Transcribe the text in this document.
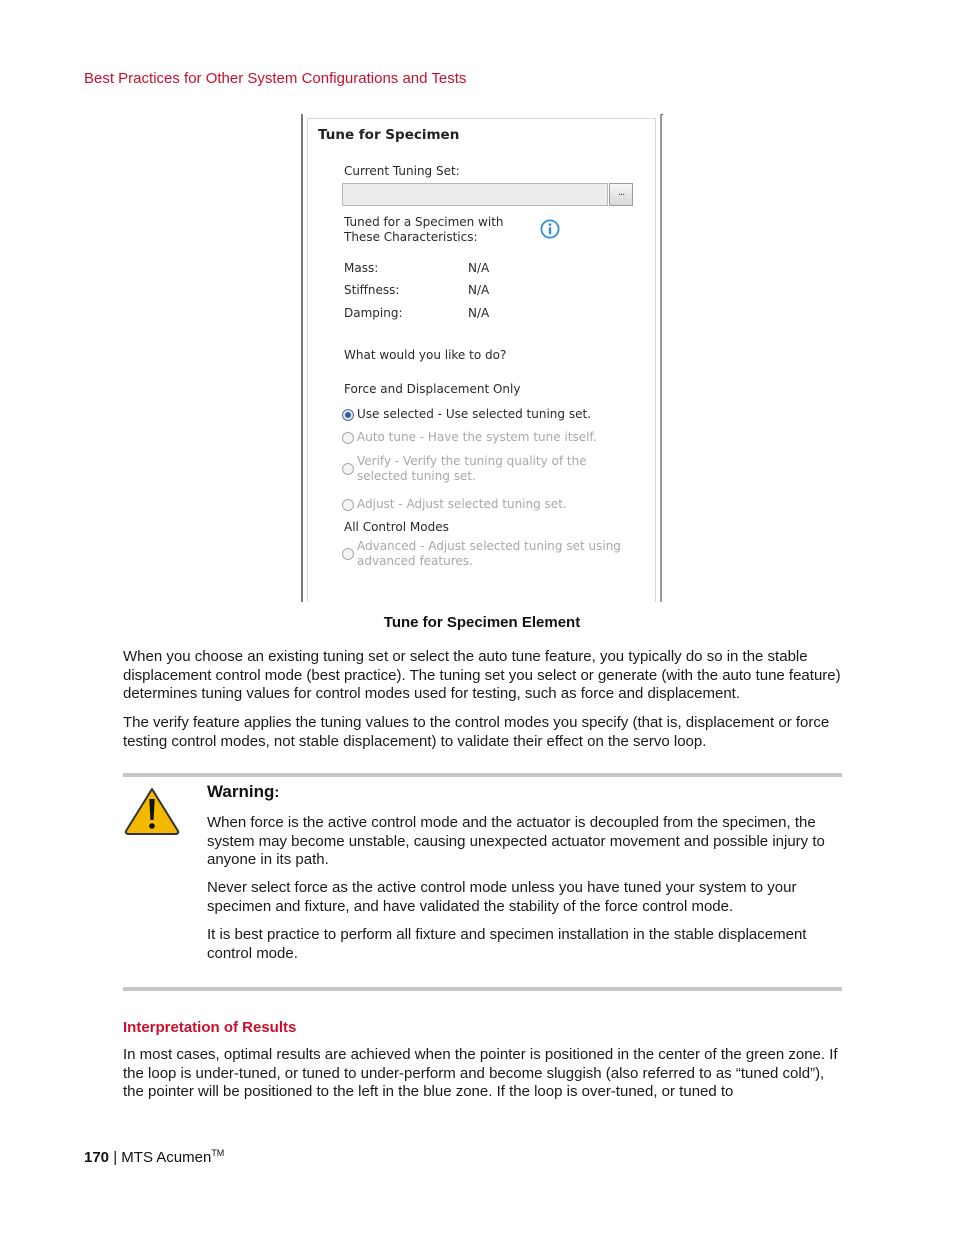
Best Practices for Other System Configurations and Tests
Tune for Specimen
Current Tuning Set:
...
Tuned for a Specimen with
These Characteristics:
Mass:	N/A
Stiffness:	N/A
Damping:	N/A
What would you like to do?
Force and Displacement Only
Use selected - Use selected tuning set.
Auto tune - Have the system tune itself.
Verify - Verify the tuning quality of the
selected tuning set.
Adjust - Adjust selected tuning set.
All Control Modes
Advanced - Adjust selected tuning set using
advanced features.
Tune for Specimen Element
When you choose an existing tuning set or select the auto tune feature, you typically do so in the stable displacement control mode (best practice). The tuning set you select or generate (with the auto tune feature) determines tuning values for control modes used for testing, such as force and displacement.
The verify feature applies the tuning values to the control modes you specify (that is, displacement or force testing control modes, not stable displacement) to validate their effect on the servo loop.
Warning:
When force is the active control mode and the actuator is decoupled from the specimen, the system may become unstable, causing unexpected actuator movement and possible injury to anyone in its path.
Never select force as the active control mode unless you have tuned your system to your specimen and fixture, and have validated the stability of the force control mode.
It is best practice to perform all fixture and specimen installation in the stable displacement control mode.
Interpretation of Results
In most cases, optimal results are achieved when the pointer is positioned in the center of the green zone. If the loop is under-tuned, or tuned to under-perform and become sluggish (also referred to as “tuned cold”), the pointer will be positioned to the left in the blue zone. If the loop is over-tuned, or tuned to
170 | MTS Acumen™
